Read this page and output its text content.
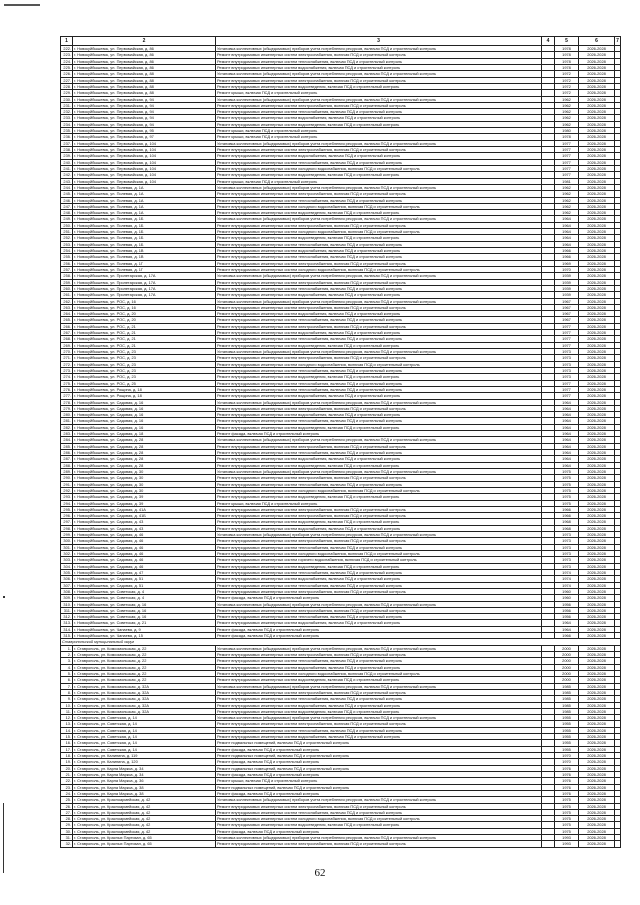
1	2	3	4	5	6	7
222.	г. Новокуйбышевск, ул. Первомайская, д. 86	Установка коллективных (общедомовых) приборов учета потребления ресурсов, включая ПСД и строительный контроль		1978	2026-2028	
223.	г. Новокуйбышевск, ул. Первомайская, д. 86	Ремонт внутридомовых инженерных систем электроснабжения, включая ПСД и строительный контроль		1978	2026-2028	
224.	г. Новокуйбышевск, ул. Первомайская, д. 86	Ремонт внутридомовых инженерных систем теплоснабжения, включая ПСД и строительный контроль		1978	2026-2028	
225.	г. Новокуйбышевск, ул. Первомайская, д. 86	Ремонт внутридомовых инженерных систем водоснабжения, включая ПСД и строительный контроль		1978	2026-2028	
226.	г. Новокуйбышевск, ул. Первомайская, д. 88	Установка коллективных (общедомовых) приборов учета потребления ресурсов, включая ПСД и строительный контроль		1972	2026-2028	
227.	г. Новокуйбышевск, ул. Первомайская, д. 88	Ремонт внутридомовых инженерных систем электроснабжения, включая ПСД и строительный контроль		1972	2026-2028	
228.	г. Новокуйбышевск, ул. Первомайская, д. 88	Ремонт внутридомовых инженерных систем водоотведения, включая ПСД и строительный контроль		1972	2026-2028	
229.	г. Новокуйбышевск, ул. Первомайская, д. 88	Ремонт крыши, включая ПСД и строительный контроль		1972	2026-2028	
230.	г. Новокуйбышевск, ул. Первомайская, д. 94	Установка коллективных (общедомовых) приборов учета потребления ресурсов, включая ПСД и строительный контроль		1962	2026-2028	
231.	г. Новокуйбышевск, ул. Первомайская, д. 94	Ремонт внутридомовых инженерных систем электроснабжения, включая ПСД и строительный контроль		1962	2026-2028	
232.	г. Новокуйбышевск, ул. Первомайская, д. 94	Ремонт внутридомовых инженерных систем теплоснабжения, включая ПСД и строительный контроль		1962	2026-2028	
233.	г. Новокуйбышевск, ул. Первомайская, д. 94	Ремонт внутридомовых инженерных систем водоснабжения, включая ПСД и строительный контроль		1962	2026-2028	
234.	г. Новокуйбышевск, ул. Первомайская, д. 94	Ремонт внутридомовых инженерных систем водоотведения, включая ПСД и строительный контроль		1962	2026-2028	
235.	г. Новокуйбышевск, ул. Первомайская, д. 95	Ремонт крыши, включая ПСД и строительный контроль		1980	2026-2028	
236.	г. Новокуйбышевск, ул. Первомайская, д. 97	Ремонт крыши, включая ПСД и строительный контроль		1978	2026-2028	
237.	г. Новокуйбышевск, ул. Первомайская, д. 104	Установка коллективных (общедомовых) приборов учета потребления ресурсов, включая ПСД и строительный контроль		1977	2026-2028	
238.	г. Новокуйбышевск, ул. Первомайская, д. 104	Ремонт внутридомовых инженерных систем электроснабжения, включая ПСД и строительный контроль		1977	2026-2028	
239.	г. Новокуйбышевск, ул. Первомайская, д. 104	Ремонт внутридомовых инженерных систем водоснабжения, включая ПСД и строительный контроль		1977	2026-2028	
240.	г. Новокуйбышевск, ул. Первомайская, д. 104	Ремонт внутридомовых инженерных систем теплоснабжения, включая ПСД и строительный контроль		1977	2026-2028	
241.	г. Новокуйбышевск, ул. Первомайская, д. 104	Ремонт внутридомовых инженерных систем холодного водоснабжения, включая ПСД и строительный контроль		1977	2026-2028	
242.	г. Новокуйбышевск, ул. Первомайская, д. 104	Ремонт внутридомовых инженерных систем водоотведения, включая ПСД и строительный контроль		1977	2026-2028	
243.	г. Новокуйбышевск, ул. Первомайская, д. 104	Ремонт крыши, включая ПСД и строительный контроль		1981	2026-2028	
244.	г. Новокуйбышевск, ул. Полевая, д. 1А	Установка коллективных (общедомовых) приборов учета потребления ресурсов, включая ПСД и строительный контроль		1962	2026-2028	
245.	г. Новокуйбышевск, ул. Полевая, д. 1А	Ремонт внутридомовых инженерных систем электроснабжения, включая ПСД и строительный контроль		1962	2026-2028	
246.	г. Новокуйбышевск, ул. Полевая, д. 1А	Ремонт внутридомовых инженерных систем теплоснабжения, включая ПСД и строительный контроль		1962	2026-2028	
247.	г. Новокуйбышевск, ул. Полевая, д. 1А	Ремонт внутридомовых инженерных систем холодного водоснабжения, включая ПСД и строительный контроль		1962	2026-2028	
248.	г. Новокуйбышевск, ул. Полевая, д. 1А	Ремонт внутридомовых инженерных систем водоотведения, включая ПСД и строительный контроль		1962	2026-2028	
249.	г. Новокуйбышевск, ул. Полевая, д. 1Б	Установка коллективных (общедомовых) приборов учета потребления ресурсов, включая ПСД и строительный контроль		1964	2026-2028	
250.	г. Новокуйбышевск, ул. Полевая, д. 1Б	Ремонт внутридомовых инженерных систем электроснабжения, включая ПСД и строительный контроль		1964	2026-2028	
251.	г. Новокуйбышевск, ул. Полевая, д. 1Б	Ремонт внутридомовых инженерных систем холодного водоснабжения, включая ПСД и строительный контроль		1964	2026-2028	
252.	г. Новокуйбышевск, ул. Полевая, д. 1Б	Ремонт внутридомовых инженерных систем водоотведения, включая ПСД и строительный контроль		1964	2026-2028	
253.	г. Новокуйбышевск, ул. Полевая, д. 1Б	Ремонт внутридомовых инженерных систем теплоснабжения, включая ПСД и строительный контроль		1964	2026-2028	
254.	г. Новокуйбышевск, ул. Полевая, д. 1В	Ремонт внутридомовых инженерных систем водоснабжения, включая ПСД и строительный контроль		1966	2026-2028	
255.	г. Новокуйбышевск, ул. Полевая, д. 1В	Ремонт внутридомовых инженерных систем теплоснабжения, включая ПСД и строительный контроль		1966	2026-2028	
256.	г. Новокуйбышевск, ул. Полевая, д. 1Г	Ремонт внутридомовых инженерных систем электроснабжения, включая ПСД и строительный контроль		1969	2026-2028	
257.	г. Новокуйбышевск, ул. Полевая, д. 1Г	Ремонт внутридомовых инженерных систем холодного водоснабжения, включая ПСД и строительный контроль		1970	2026-2028	
258.	г. Новокуйбышевск, ул. Пролетарская, д. 17А	Установка коллективных (общедомовых) приборов учета потребления ресурсов, включая ПСД и строительный контроль		1939	2026-2028	
259.	г. Новокуйбышевск, ул. Пролетарская, д. 17А	Ремонт внутридомовых инженерных систем электроснабжения, включая ПСД и строительный контроль		1939	2026-2028	
260.	г. Новокуйбышевск, ул. Пролетарская, д. 17А	Ремонт внутридомовых инженерных систем теплоснабжения, включая ПСД и строительный контроль		1939	2026-2028	
261.	г. Новокуйбышевск, ул. Пролетарская, д. 17А	Ремонт внутридомовых инженерных систем водоснабжения, включая ПСД и строительный контроль		1939	2026-2028	
262.	г. Новокуйбышевск, ул. РОС, д. 16	Установка коллективных (общедомовых) приборов учета потребления ресурсов, включая ПСД и строительный контроль		1967	2026-2028	
263.	г. Новокуйбышевск, ул. РОС, д. 16	Ремонт внутридомовых инженерных систем электроснабжения, включая ПСД и строительный контроль		1967	2026-2028	
264.	г. Новокуйбышевск, ул. РОС, д. 20	Ремонт внутридомовых инженерных систем водоснабжения, включая ПСД и строительный контроль		1967	2026-2028	
265.	г. Новокуйбышевск, ул. РОС, д. 20	Ремонт внутридомовых инженерных систем теплоснабжения, включая ПСД и строительный контроль		1967	2026-2028	
266.	г. Новокуйбышевск, ул. РОС, д. 21	Ремонт внутридомовых инженерных систем электроснабжения, включая ПСД и строительный контроль		1977	2026-2028	
267.	г. Новокуйбышевск, ул. РОС, д. 21	Ремонт внутридомовых инженерных систем водоснабжения, включая ПСД и строительный контроль		1977	2026-2028	
268.	г. Новокуйбышевск, ул. РОС, д. 21	Ремонт внутридомовых инженерных систем теплоснабжения, включая ПСД и строительный контроль		1977	2026-2028	
269.	г. Новокуйбышевск, ул. РОС, д. 21	Ремонт внутридомовых инженерных систем водоотведения, включая ПСД и строительный контроль		1977	2026-2028	
270.	г. Новокуйбышевск, ул. РОС, д. 23	Установка коллективных (общедомовых) приборов учета потребления ресурсов, включая ПСД и строительный контроль		1973	2026-2028	
271.	г. Новокуйбышевск, ул. РОС, д. 23	Ремонт внутридомовых инженерных систем электроснабжения, включая ПСД и строительный контроль		1973	2026-2028	
272.	г. Новокуйбышевск, ул. РОС, д. 23	Ремонт внутридомовых инженерных систем холодного водоснабжения, включая ПСД и строительный контроль		1973	2026-2028	
273.	г. Новокуйбышевск, ул. РОС, д. 23	Ремонт внутридомовых инженерных систем теплоснабжения, включая ПСД и строительный контроль		1973	2026-2028	
274.	г. Новокуйбышевск, ул. РОС, д. 23	Ремонт внутридомовых инженерных систем водоотведения, включая ПСД и строительный контроль		1973	2026-2028	
275.	г. Новокуйбышевск, ул. РОС, д. 25	Ремонт внутридомовых инженерных систем теплоснабжения, включая ПСД и строительный контроль		1977	2026-2028	
276.	г. Новокуйбышевск, ул. Рощина, д. 18	Ремонт внутридомовых инженерных систем теплоснабжения, включая ПСД и строительный контроль		1977	2026-2028	
277.	г. Новокуйбышевск, ул. Рощина, д. 18	Ремонт внутридомовых инженерных систем водоснабжения, включая ПСД и строительный контроль		1977	2026-2028	
278.	г. Новокуйбышевск, ул. Садовая, д. 16	Установка коллективных (общедомовых) приборов учета потребления ресурсов, включая ПСД и строительный контроль		1964	2026-2028	
279.	г. Новокуйбышевск, ул. Садовая, д. 16	Ремонт внутридомовых инженерных систем электроснабжения, включая ПСД и строительный контроль		1964	2026-2028	
280.	г. Новокуйбышевск, ул. Садовая, д. 16	Ремонт внутридомовых инженерных систем водоснабжения, включая ПСД и строительный контроль		1964	2026-2028	
281.	г. Новокуйбышевск, ул. Садовая, д. 16	Ремонт внутридомовых инженерных систем теплоснабжения, включая ПСД и строительный контроль		1964	2026-2028	
282.	г. Новокуйбышевск, ул. Садовая, д. 16	Ремонт внутридомовых инженерных систем водоотведения, включая ПСД и строительный контроль		1964	2026-2028	
283.	г. Новокуйбышевск, ул. Садовая, д. 18	Ремонт фасада, включая ПСД и строительный контроль		1964	2026-2028	
284.	г. Новокуйбышевск, ул. Садовая, д. 28	Установка коллективных (общедомовых) приборов учета потребления ресурсов, включая ПСД и строительный контроль		1964	2026-2028	
285.	г. Новокуйбышевск, ул. Садовая, д. 28	Ремонт внутридомовых инженерных систем электроснабжения, включая ПСД и строительный контроль		1964	2026-2028	
286.	г. Новокуйбышевск, ул. Садовая, д. 28	Ремонт внутридомовых инженерных систем теплоснабжения, включая ПСД и строительный контроль		1964	2026-2028	
287.	г. Новокуйбышевск, ул. Садовая, д. 28	Ремонт внутридомовых инженерных систем водоснабжения, включая ПСД и строительный контроль		1964	2026-2028	
288.	г. Новокуйбышевск, ул. Садовая, д. 28	Ремонт внутридомовых инженерных систем водоотведения, включая ПСД и строительный контроль		1964	2026-2028	
289.	г. Новокуйбышевск, ул. Садовая, д. 30	Установка коллективных (общедомовых) приборов учета потребления ресурсов, включая ПСД и строительный контроль		1975	2026-2028	
290.	г. Новокуйбышевск, ул. Садовая, д. 30	Ремонт внутридомовых инженерных систем электроснабжения, включая ПСД и строительный контроль		1975	2026-2028	
291.	г. Новокуйбышевск, ул. Садовая, д. 30	Ремонт внутридомовых инженерных систем теплоснабжения, включая ПСД и строительный контроль		1975	2026-2028	
292.	г. Новокуйбышевск, ул. Садовая, д. 30	Ремонт внутридомовых инженерных систем холодного водоснабжения, включая ПСД и строительный контроль		1975	2026-2028	
293.	г. Новокуйбышевск, ул. Садовая, д. 39	Ремонт внутридомовых инженерных систем водоотведения, включая ПСД и строительный контроль		1975	2026-2028	
294.	г. Новокуйбышевск, ул. Садовая, д. 39	Ремонт крыши, включая ПСД и строительный контроль		1975	2026-2028	
295.	г. Новокуйбышевск, ул. Садовая, д. 41А	Ремонт внутридомовых инженерных систем электроснабжения, включая ПСД и строительный контроль		1966	2026-2028	
296.	г. Новокуйбышевск, ул. Садовая, д. 41Б	Ремонт внутридомовых инженерных систем электроснабжения, включая ПСД и строительный контроль		1966	2026-2028	
297.	г. Новокуйбышевск, ул. Садовая, д. 43	Ремонт внутридомовых инженерных систем водоотведения, включая ПСД и строительный контроль		1968	2026-2028	
298.	г. Новокуйбышевск, ул. Садовая, д. 43	Ремонт внутридомовых инженерных систем водоснабжения, включая ПСД и строительный контроль		1968	2026-2028	
299.	г. Новокуйбышевск, ул. Садовая, д. 46	Установка коллективных (общедомовых) приборов учета потребления ресурсов, включая ПСД и строительный контроль		1973	2026-2028	
300.	г. Новокуйбышевск, ул. Садовая, д. 46	Ремонт внутридомовых инженерных систем электроснабжения, включая ПСД и строительный контроль		1973	2026-2028	
301.	г. Новокуйбышевск, ул. Садовая, д. 46	Ремонт внутридомовых инженерных систем теплоснабжения, включая ПСД и строительный контроль		1973	2026-2028	
302.	г. Новокуйбышевск, ул. Садовая, д. 46	Ремонт внутридомовых инженерных систем холодного водоснабжения, включая ПСД и строительный контроль		1973	2026-2028	
303.	г. Новокуйбышевск, ул. Садовая, д. 46	Ремонт внутридомовых инженерных систем горячего водоснабжения, включая ПСД и строительный контроль		1973	2026-2028	
304.	г. Новокуйбышевск, ул. Садовая, д. 46	Ремонт внутридомовых инженерных систем водоотведения, включая ПСД и строительный контроль		1973	2026-2028	
305.	г. Новокуйбышевск, ул. Садовая, д. 47	Ремонт внутридомовых инженерных систем теплоснабжения, включая ПСД и строительный контроль		1974	2026-2028	
306.	г. Новокуйбышевск, ул. Садовая, д. 51	Ремонт внутридомовых инженерных систем водоснабжения, включая ПСД и строительный контроль		1974	2026-2028	
307.	г. Новокуйбышевск, ул. Садовая, д. 51	Ремонт внутридомовых инженерных систем теплоснабжения, включая ПСД и строительный контроль		1974	2026-2028	
308.	г. Новокуйбышевск, ул. Советская, д. 4	Ремонт внутридомовых инженерных систем электроснабжения, включая ПСД и строительный контроль		1960	2026-2028	
309.	г. Новокуйбышевск, ул. Советская, д. 4	Ремонт фасада, включая ПСД и строительный контроль		1960	2026-2028	
310.	г. Новокуйбышевск, ул. Советская, д. 16	Установка коллективных (общедомовых) приборов учета потребления ресурсов, включая ПСД и строительный контроль		1956	2026-2028	
311.	г. Новокуйбышевск, ул. Советская, д. 16	Ремонт внутридомовых инженерных систем электроснабжения, включая ПСД и строительный контроль		1956	2026-2028	
312.	г. Новокуйбышевск, ул. Советская, д. 16	Ремонт внутридомовых инженерных систем теплоснабжения, включая ПСД и строительный контроль		1956	2026-2028	
313.	г. Новокуйбышевск, ул. Советская, д. 21	Ремонт внутридомовых инженерных систем водоснабжения, включая ПСД и строительный контроль		1964	2026-2028	
314.	г. Новокуйбышевск, ул. Чапаева, д. 9	Ремонт фасада, включая ПСД и строительный контроль		1964	2026-2028	
315.	г. Новокуйбышевск, ул. Чапаева, д. 15	Ремонт фасада, включая ПСД и строительный контроль		1966	2026-2028	
Ставропольский муниципальный округ						
1.	г. Ставрополь, ул. Комсомольская, д. 22	Установка коллективных (общедомовых) приборов учета потребления ресурсов, включая ПСД и строительный контроль		2000	2026-2028	
2.	г. Ставрополь, ул. Комсомольская, д. 22	Ремонт внутридомовых инженерных систем электроснабжения, включая ПСД и строительный контроль		2000	2026-2028	
3.	г. Ставрополь, ул. Комсомольская, д. 22	Ремонт внутридомовых инженерных систем теплоснабжения, включая ПСД и строительный контроль		2000	2026-2028	
4.	г. Ставрополь, ул. Комсомольская, д. 22	Ремонт внутридомовых инженерных систем водоснабжения, включая ПСД и строительный контроль		2000	2026-2028	
5.	г. Ставрополь, ул. Комсомольская, д. 22	Ремонт внутридомовых инженерных систем холодного водоснабжения, включая ПСД и строительный контроль		2000	2026-2028	
6.	г. Ставрополь, ул. Комсомольская, д. 22	Ремонт внутридомовых инженерных систем водоотведения, включая ПСД и строительный контроль		2000	2026-2028	
7.	г. Ставрополь, ул. Комсомольская, д. 32А	Установка коллективных (общедомовых) приборов учета потребления ресурсов, включая ПСД и строительный контроль		1985	2026-2028	
8.	г. Ставрополь, ул. Комсомольская, д. 32А	Ремонт внутридомовых инженерных систем электроснабжения, включая ПСД и строительный контроль		1985	2026-2028	
9.	г. Ставрополь, ул. Комсомольская, д. 32А	Ремонт внутридомовых инженерных систем теплоснабжения, включая ПСД и строительный контроль		1985	2026-2028	
10.	г. Ставрополь, ул. Комсомольская, д. 32А	Ремонт внутридомовых инженерных систем водоснабжения, включая ПСД и строительный контроль		1985	2026-2028	
11.	г. Ставрополь, ул. Комсомольская, д. 32А	Ремонт внутридомовых инженерных систем водоотведения, включая ПСД и строительный контроль		1985	2026-2028	
12.	г. Ставрополь, ул. Советская, д. 14	Установка коллективных (общедомовых) приборов учета потребления ресурсов, включая ПСД и строительный контроль		1955	2026-2028	
13.	г. Ставрополь, ул. Советская, д. 14	Ремонт внутридомовых инженерных систем электроснабжения, включая ПСД и строительный контроль		1955	2026-2028	
14.	г. Ставрополь, ул. Советская, д. 14	Ремонт внутридомовых инженерных систем теплоснабжения, включая ПСД и строительный контроль		1955	2026-2028	
15.	г. Ставрополь, ул. Советская, д. 14	Ремонт внутридомовых инженерных систем водоснабжения, включая ПСД и строительный контроль		1955	2026-2028	
16.	г. Ставрополь, ул. Советская, д. 14	Ремонт подвальных помещений, включая ПСД и строительный контроль		1955	2026-2028	
17.	г. Ставрополь, ул. Советская, д. 14	Ремонт фасада, включая ПСД и строительный контроль		1955	2026-2028	
18.	г. Ставрополь, ул. Калинина, д. 119	Ремонт подвальных помещений, включая ПСД и строительный контроль		1970	2026-2028	
19.	г. Ставрополь, ул. Калинина, д. 120	Ремонт фасада, включая ПСД и строительный контроль		1970	2026-2028	
20.	г. Ставрополь, ул. Карла Маркса, д. 34	Ремонт подвальных помещений, включая ПСД и строительный контроль		1976	2026-2028	
21.	г. Ставрополь, ул. Карла Маркса, д. 34	Ремонт фасада, включая ПСД и строительный контроль		1976	2026-2028	
22.	г. Ставрополь, ул. Карла Маркса, д. 36	Ремонт крыши, включая ПСД и строительный контроль		1976	2026-2028	
23.	г. Ставрополь, ул. Карла Маркса, д. 38	Ремонт подвальных помещений, включая ПСД и строительный контроль		1976	2026-2028	
24.	г. Ставрополь, ул. Карла Маркса, д. 38	Ремонт фасада, включая ПСД и строительный контроль		1976	2026-2028	
25.	г. Ставрополь, ул. Красноармейская, д. 42	Установка коллективных (общедомовых) приборов учета потребления ресурсов, включая ПСД и строительный контроль		1975	2026-2028	
26.	г. Ставрополь, ул. Красноармейская, д. 42	Ремонт внутридомовых инженерных систем электроснабжения, включая ПСД и строительный контроль		1975	2026-2028	
27.	г. Ставрополь, ул. Красноармейская, д. 42	Ремонт внутридомовых инженерных систем теплоснабжения, включая ПСД и строительный контроль		1975	2026-2028	
28.	г. Ставрополь, ул. Красноармейская, д. 42	Ремонт внутридомовых инженерных систем холодного водоснабжения, включая ПСД и строительный контроль		1975	2026-2028	
29.	г. Ставрополь, ул. Красноармейская, д. 42	Ремонт внутридомовых инженерных систем водоотведения, включая ПСД и строительный контроль		1975	2026-2028	
30.	г. Ставрополь, ул. Красноармейская, д. 42	Ремонт фасада, включая ПСД и строительный контроль		1975	2026-2028	
31.	г. Ставрополь, ул. Красных Партизан, д. 65	Установка коллективных (общедомовых) приборов учета потребления ресурсов, включая ПСД и строительный контроль		1993	2026-2028	
32.	г. Ставрополь, ул. Красных Партизан, д. 65	Ремонт внутридомовых инженерных систем электроснабжения, включая ПСД и строительный контроль		1993	2026-2028	
62
